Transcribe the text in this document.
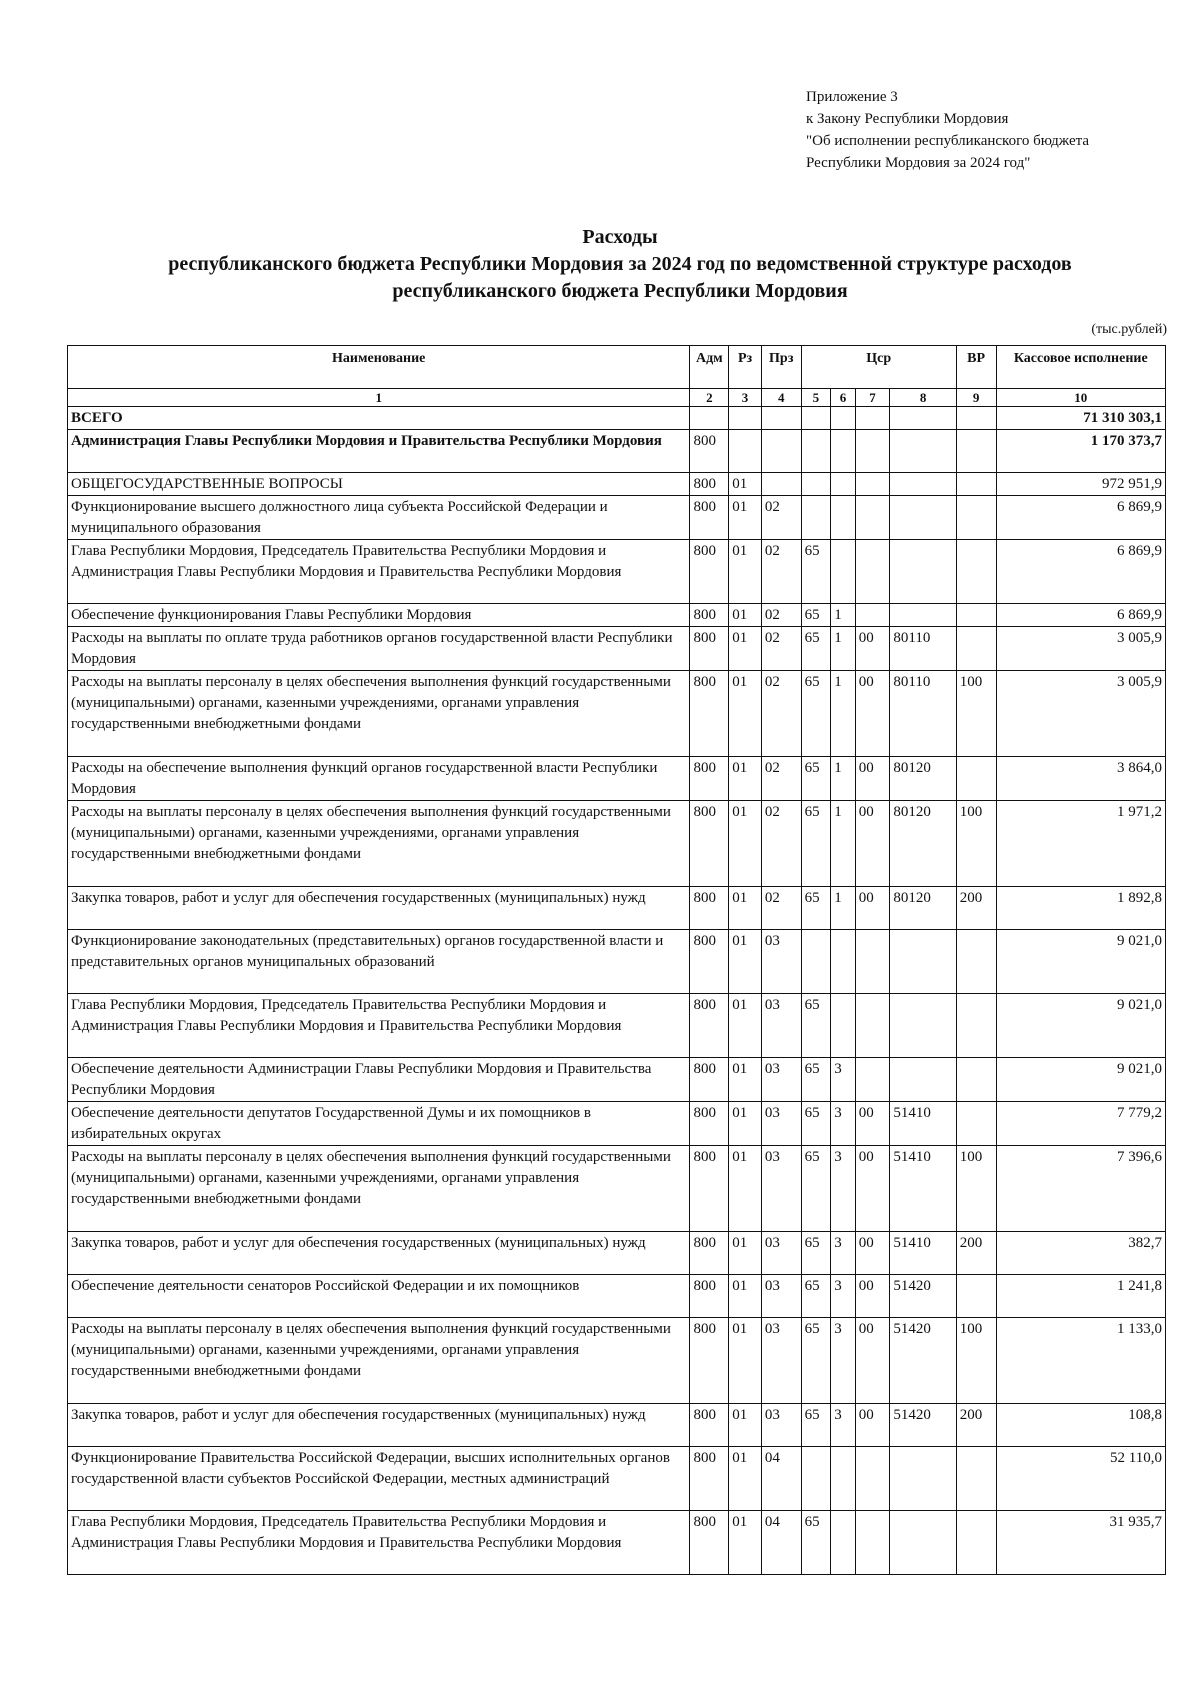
Приложение 3
к Закону Республики Мордовия
"Об исполнении республиканского бюджета
Республики Мордовия за 2024 год"
Расходы
республиканского бюджета Республики Мордовия за 2024 год по ведомственной структуре расходов
республиканского бюджета Республики Мордовия
(тыс.рублей)
Наименование	Адм	Рз	Прз	Цср				ВР	Кассовое исполнение
1	2	3	4	5	6	7	8	9	10
ВСЕГО									71 310 303,1
Администрация Главы Республики Мордовия и Правительства Республики Мордовия	800								1 170 373,7
ОБЩЕГОСУДАРСТВЕННЫЕ ВОПРОСЫ	800	01							972 951,9
Функционирование высшего должностного лица субъекта Российской Федерации и муниципального образования	800	01	02						6 869,9
Глава Республики Мордовия, Председатель Правительства Республики Мордовия и Администрация Главы Республики Мордовия и Правительства Республики Мордовия	800	01	02	65					6 869,9
Обеспечение функционирования Главы Республики Мордовия	800	01	02	65	1				6 869,9
Расходы на выплаты по оплате труда работников органов государственной власти Республики Мордовия	800	01	02	65	1	00	80110		3 005,9
Расходы на выплаты персоналу в целях обеспечения выполнения функций государственными (муниципальными) органами, казенными учреждениями, органами управления государственными внебюджетными фондами	800	01	02	65	1	00	80110	100	3 005,9
Расходы на обеспечение выполнения функций органов государственной власти Республики Мордовия	800	01	02	65	1	00	80120		3 864,0
Расходы на выплаты персоналу в целях обеспечения выполнения функций государственными (муниципальными) органами, казенными учреждениями, органами управления государственными внебюджетными фондами	800	01	02	65	1	00	80120	100	1 971,2
Закупка товаров, работ и услуг для обеспечения государственных (муниципальных) нужд	800	01	02	65	1	00	80120	200	1 892,8
Функционирование законодательных (представительных) органов государственной власти и представительных органов муниципальных образований	800	01	03						9 021,0
Глава Республики Мордовия, Председатель Правительства Республики Мордовия и Администрация Главы Республики Мордовия и Правительства Республики Мордовия	800	01	03	65					9 021,0
Обеспечение деятельности Администрации Главы Республики Мордовия и Правительства Республики Мордовия	800	01	03	65	3				9 021,0
Обеспечение деятельности депутатов Государственной Думы и их помощников в избирательных округах	800	01	03	65	3	00	51410		7 779,2
Расходы на выплаты персоналу в целях обеспечения выполнения функций государственными (муниципальными) органами, казенными учреждениями, органами управления государственными внебюджетными фондами	800	01	03	65	3	00	51410	100	7 396,6
Закупка товаров, работ и услуг для обеспечения государственных (муниципальных) нужд	800	01	03	65	3	00	51410	200	382,7
Обеспечение деятельности сенаторов Российской Федерации и их помощников	800	01	03	65	3	00	51420		1 241,8
Расходы на выплаты персоналу в целях обеспечения выполнения функций государственными (муниципальными) органами, казенными учреждениями, органами управления государственными внебюджетными фондами	800	01	03	65	3	00	51420	100	1 133,0
Закупка товаров, работ и услуг для обеспечения государственных (муниципальных) нужд	800	01	03	65	3	00	51420	200	108,8
Функционирование Правительства Российской Федерации, высших исполнительных органов государственной власти субъектов Российской Федерации, местных администраций	800	01	04						52 110,0
Глава Республики Мордовия, Председатель Правительства Республики Мордовия и Администрация Главы Республики Мордовия и Правительства Республики Мордовия	800	01	04	65					31 935,7
